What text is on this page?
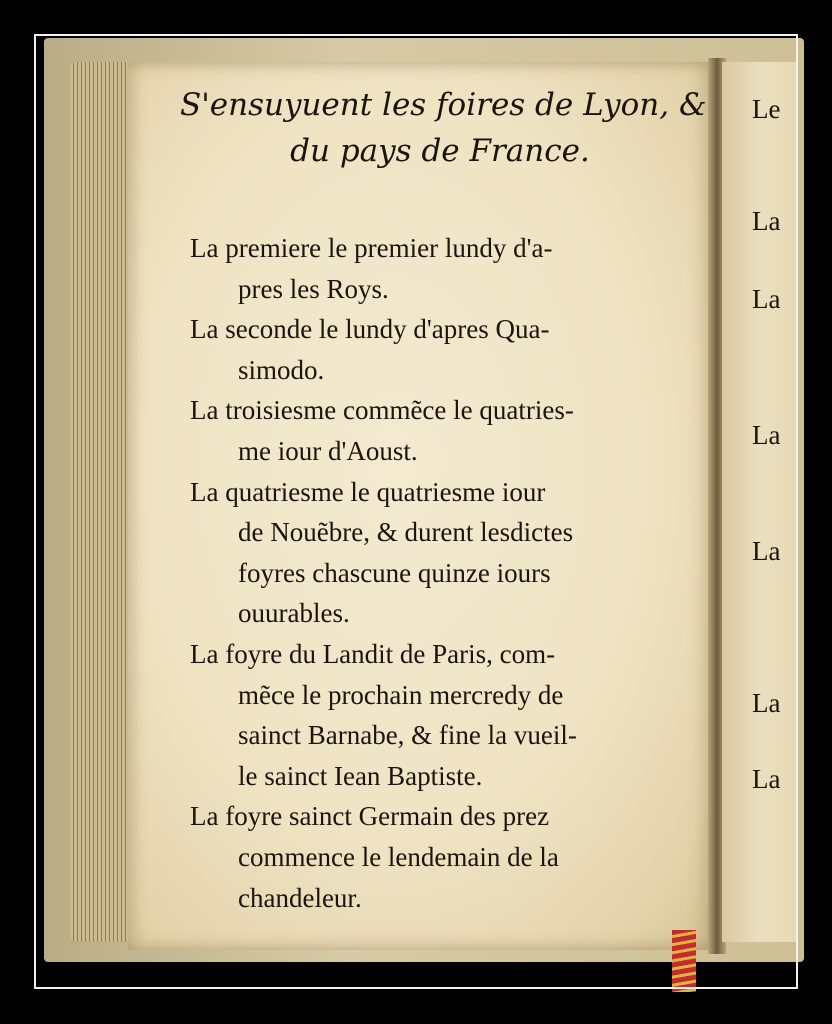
S'ensuyuent les foires de Lyon, &
du pays de France.

La premiere le premier lundy d'a-
pres les Roys.

La seconde le lundy d'apres Qua-
simodo.

La troisiesme commẽce le quatries-
me iour d'Aoust.

La quatriesme le quatriesme iour
de Nouẽbre, & durent lesdictes
foyres chascune quinze iours
ouurables.

La foyre du Landit de Paris, com-
mẽce le prochain mercredy de
sainct Barnabe, & fine la vueil-
le sainct Iean Baptiste.

La foyre sainct Germain des prez
commence le lendemain de la
chandeleur.

Le
La
La
La
La
La
La
